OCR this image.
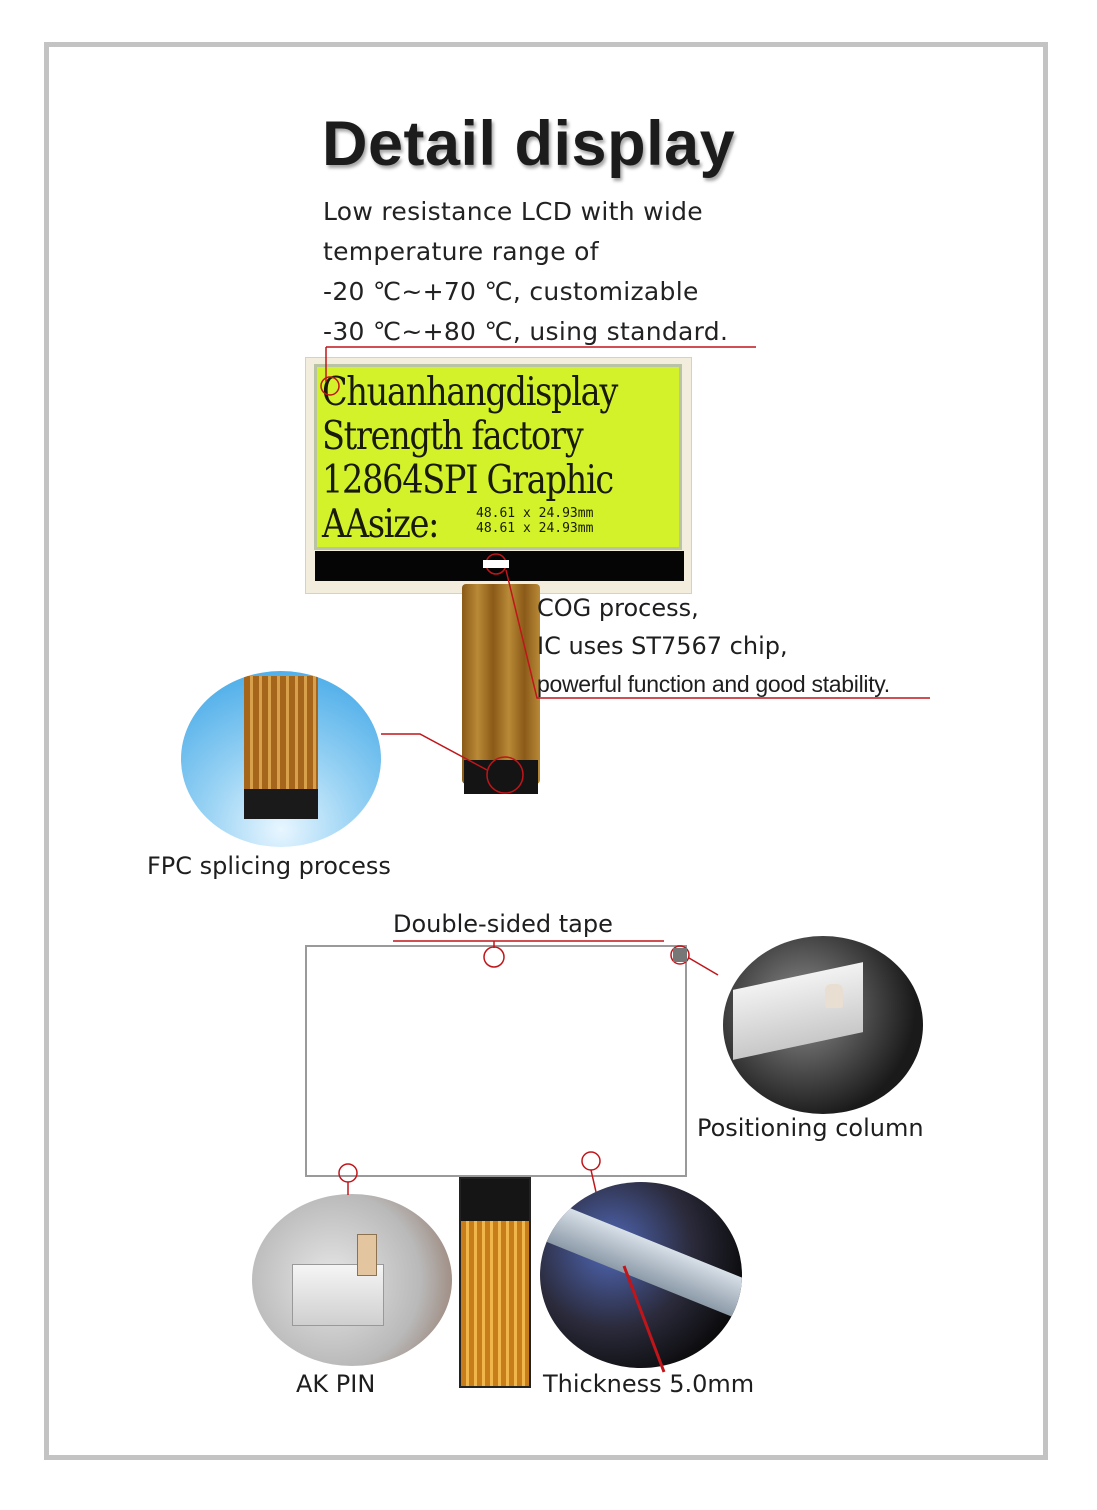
Detail display
Low resistance LCD with wide
temperature range of
-20 ℃~+70 ℃, customizable
-30 ℃~+80 ℃, using standard.
Chuanhangdisplay
Strength factory
12864SPI Graphic
AAsize:	48.61 x 24.93mm
48.61 x 24.93mm
COG process,
IC uses ST7567 chip,
powerful function and good stability.
FPC splicing process
Double-sided tape
Positioning column
AK PIN	Thickness 5.0mm
